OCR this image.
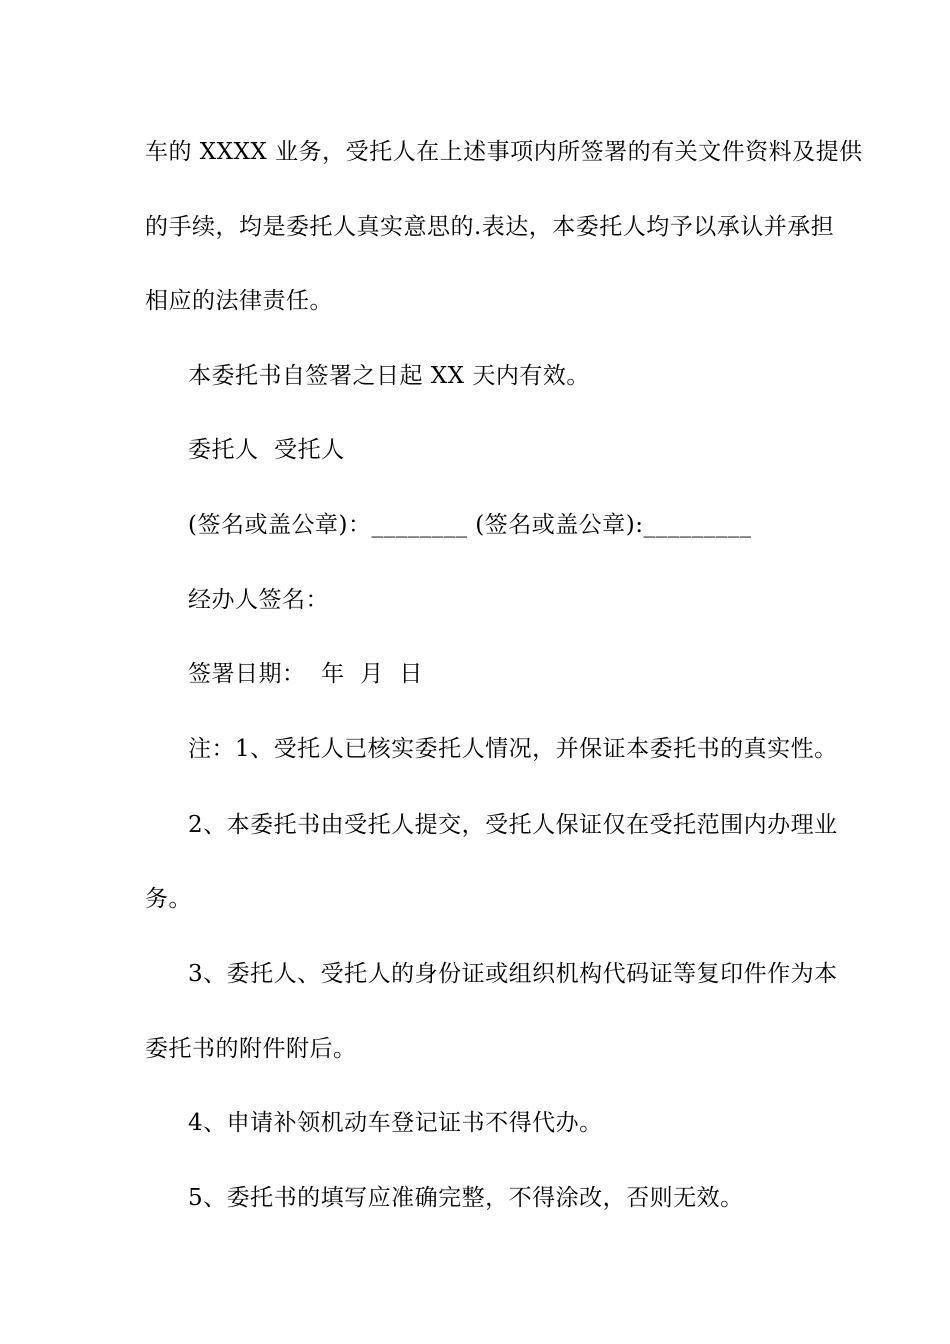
车的 XXXX 业务，受托人在上述事项内所签署的有关文件资料及提供
的手续，均是委托人真实意思的.表达，本委托人均予以承认并承担
相应的法律责任。
本委托书自签署之日起 XX 天内有效。
委托人  受托人
(签名或盖公章)：________ (签名或盖公章):_________
经办人签名：
签署日期：  年  月  日
注：1、受托人已核实委托人情况，并保证本委托书的真实性。
2、本委托书由受托人提交，受托人保证仅在受托范围内办理业
务。
3、委托人、受托人的身份证或组织机构代码证等复印件作为本
委托书的附件附后。
4、申请补领机动车登记证书不得代办。
5、委托书的填写应准确完整，不得涂改，否则无效。
